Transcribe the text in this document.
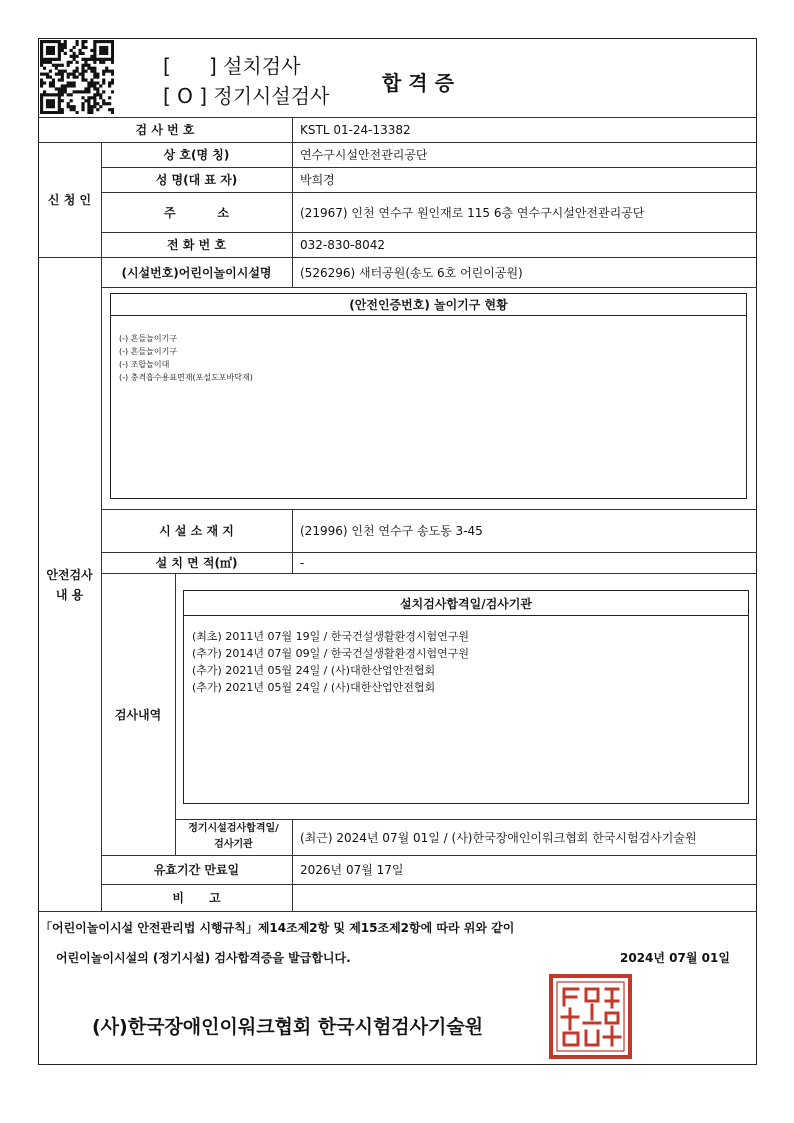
[      ] 설치검사
[ O ] 정기시설검사
합 격 증
검 사 번 호	KSTL 01-24-13382
신 청 인
상 호(명 칭)	연수구시설안전관리공단
성 명(대 표 자)	박희경
주          소	(21967) 인천 연수구 원인재로 115 6층 연수구시설안전관리공단
전 화 번 호	032-830-8042
안전검사
내 용
(시설번호)어린이놀이시설명	(526296) 새터공원(송도 6호 어린이공원)
(안전인증번호) 놀이기구 현황
(-) 흔들놀이기구
(-) 흔들놀이기구
(-) 조합놀이대
(-) 충격흡수용표면재(포설도포바닥재)
시 설 소 재 지	(21996) 인천 연수구 송도동 3-45
설 치 면 적(㎡)	-
검사내역
설치검사합격일/검사기관
(최초) 2011년 07월 19일 / 한국건설생활환경시험연구원
(추가) 2014년 07월 09일 / 한국건설생활환경시험연구원
(추가) 2021년 05월 24일 / (사)대한산업안전협회
(추가) 2021년 05월 24일 / (사)대한산업안전협회
정기시설검사합격일/
검사기관	(최근) 2024년 07월 01일 / (사)한국장애인이워크협회 한국시험검사기술원
유효기간 만료일	2026년 07월 17일
비      고
「어린이놀이시설 안전관리법 시행규칙」제14조제2항 및 제15조제2항에 따라 위와 같이
어린이놀이시설의 (정기시설) 검사합격증을 발급합니다.	2024년 07월 01일
(사)한국장애인이워크협회 한국시험검사기술원
